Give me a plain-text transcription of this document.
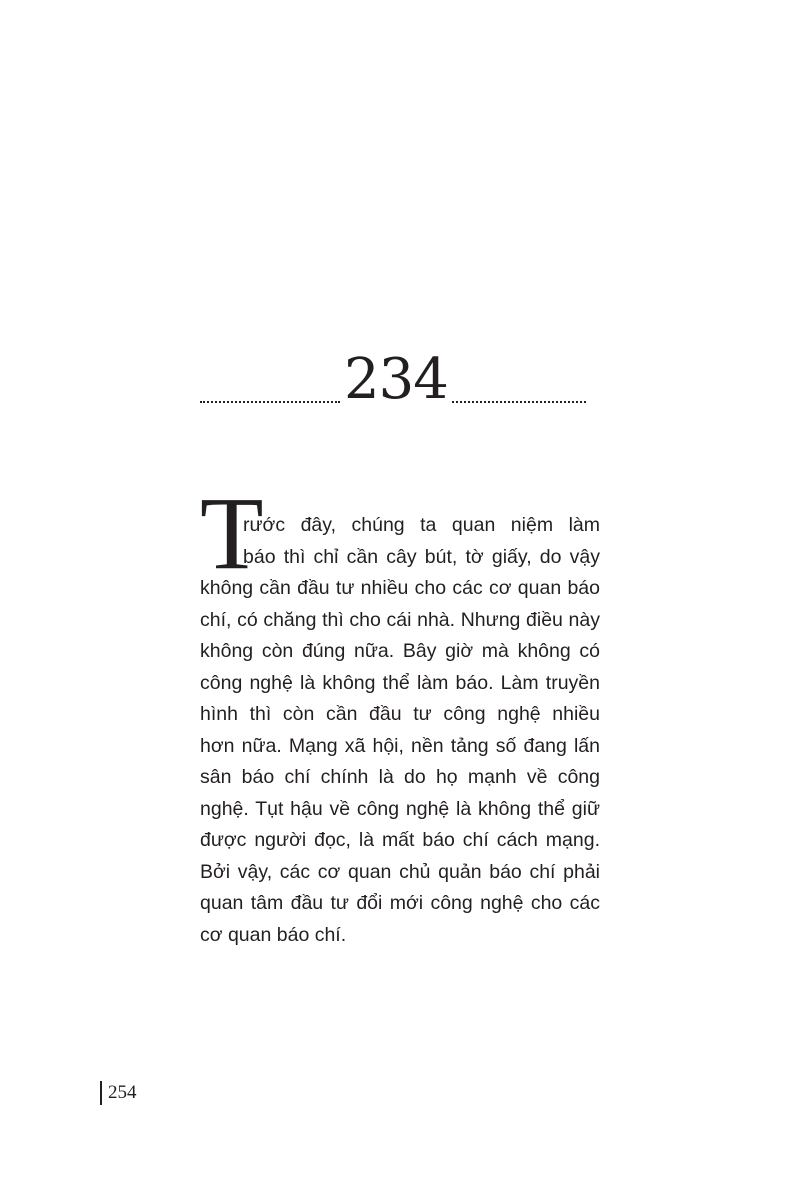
234
T
rước đây, chúng ta quan niệm làm
báo thì chỉ cần cây bút, tờ giấy, do vậy
không cần đầu tư nhiều cho các cơ quan báo
chí, có chăng thì cho cái nhà. Nhưng điều này
không còn đúng nữa. Bây giờ mà không có
công nghệ là không thể làm báo. Làm truyền
hình thì còn cần đầu tư công nghệ nhiều
hơn nữa. Mạng xã hội, nền tảng số đang lấn
sân báo chí chính là do họ mạnh về công
nghệ. Tụt hậu về công nghệ là không thể giữ
được người đọc, là mất báo chí cách mạng.
Bởi vậy, các cơ quan chủ quản báo chí phải
quan tâm đầu tư đổi mới công nghệ cho các
cơ quan báo chí.
254
